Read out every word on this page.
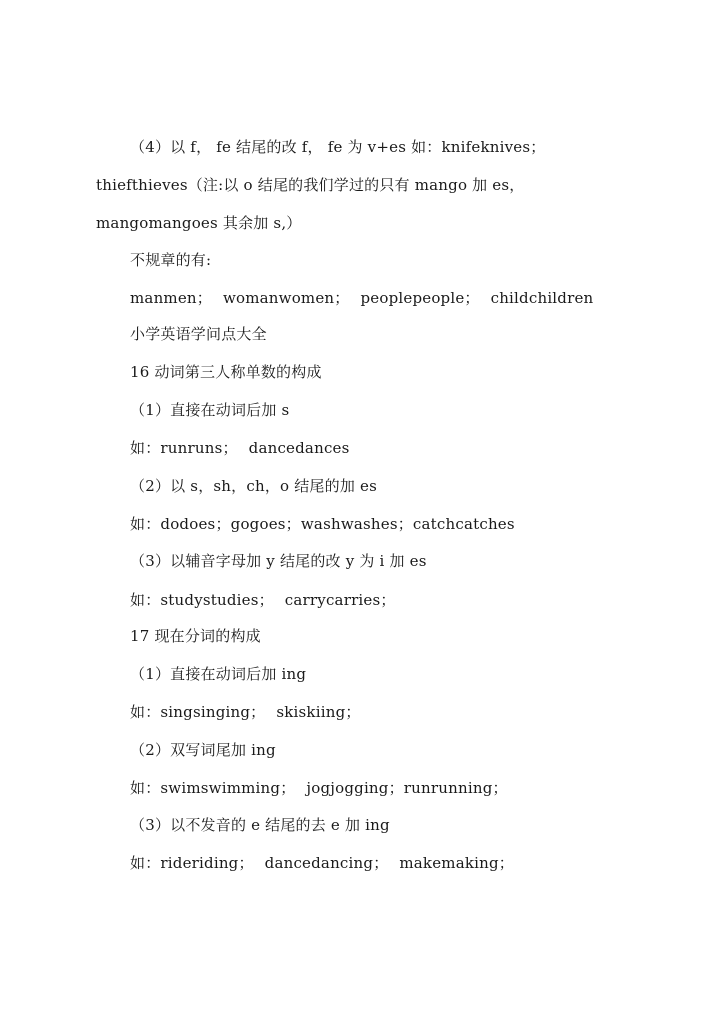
（4）以 f， fe 结尾的改 f， fe 为 v+es 如：knifeknives；
thiefthieves（注:以 o 结尾的我们学过的只有 mango 加 es，
mangomangoes 其余加 s,）
不规章的有:
manmen； womanwomen； peoplepeople； childchildren
小学英语学问点大全
16 动词第三人称单数的构成
（1）直接在动词后加 s
如：runruns； dancedances
（2）以 s，sh，ch，o 结尾的加 es
如：dodoes；gogoes；washwashes；catchcatches
（3）以辅音字母加 y 结尾的改 y 为 i 加 es
如：studystudies； carrycarries；
17 现在分词的构成
（1）直接在动词后加 ing
如：singsinging； skiskiing；
（2）双写词尾加 ing
如：swimswimming； jogjogging；runrunning；
（3）以不发音的 e 结尾的去 e 加 ing
如：rideriding； dancedancing； makemaking；
